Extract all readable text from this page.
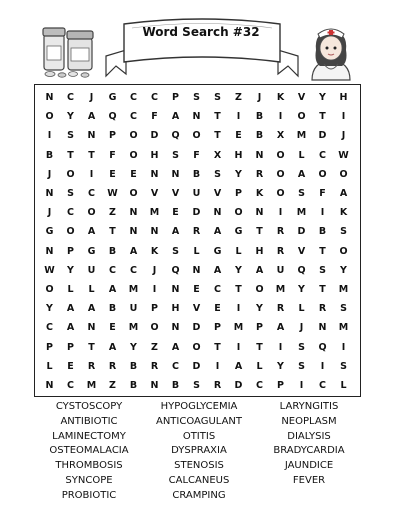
Word Search #32
N	C	J	G	C	C	P	S	S	Z	J	K	V	Y	H
O	Y	A	Q	C	F	A	N	T	I	B	I	O	T	I
I	S	N	P	O	D	Q	O	T	E	B	X	M	D	J
B	T	T	F	O	H	S	F	X	H	N	O	L	C	W
J	O	I	E	E	N	N	B	S	Y	R	O	A	O	O
N	S	C	W	O	V	V	U	V	P	K	O	S	F	A
J	C	O	Z	N	M	E	D	N	O	N	I	M	I	K
G	O	A	T	N	N	A	R	A	G	T	R	D	B	S
N	P	G	B	A	K	S	L	G	L	H	R	V	T	O
W	Y	U	C	C	J	Q	N	A	Y	A	U	Q	S	Y
O	L	L	A	M	I	N	E	C	T	O	M	Y	T	M
Y	A	A	B	U	P	H	V	E	I	Y	R	L	R	S
C	A	N	E	M	O	N	D	P	M	P	A	J	N	M
P	P	T	A	Y	Z	A	O	T	I	T	I	S	Q	I
L	E	R	R	B	R	C	D	I	A	L	Y	S	I	S
N	C	M	Z	B	N	B	S	R	D	C	P	I	C	L
CYSTOSCOPY	HYPOGLYCEMIA	LARYNGITIS
ANTIBIOTIC	ANTICOAGULANT	NEOPLASM
LAMINECTOMY	OTITIS	DIALYSIS
OSTEOMALACIA	DYSPRAXIA	BRADYCARDIA
THROMBOSIS	STENOSIS	JAUNDICE
SYNCOPE	CALCANEUS	FEVER
PROBIOTIC	CRAMPING
